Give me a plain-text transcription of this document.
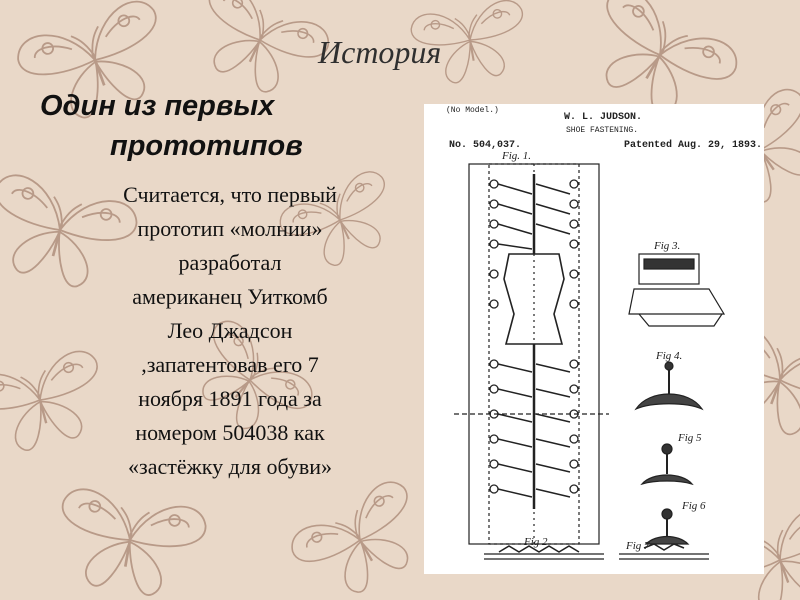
История
Один из первых
прототипов
Считается, что первый
прототип «молнии»
разработал
американец Уиткомб
Лео Джадсон
,запатентовав его 7
ноября 1891 года за
номером 504038 как
«застёжку для обуви»
(No Model.)
W. L. JUDSON.
SHOE FASTENING.
No. 504,037.	Patented Aug. 29, 1893.
Fig. 1.
Fig 3.
Fig 4.
Fig 5
Fig 6
Fig 2	Fig 7
